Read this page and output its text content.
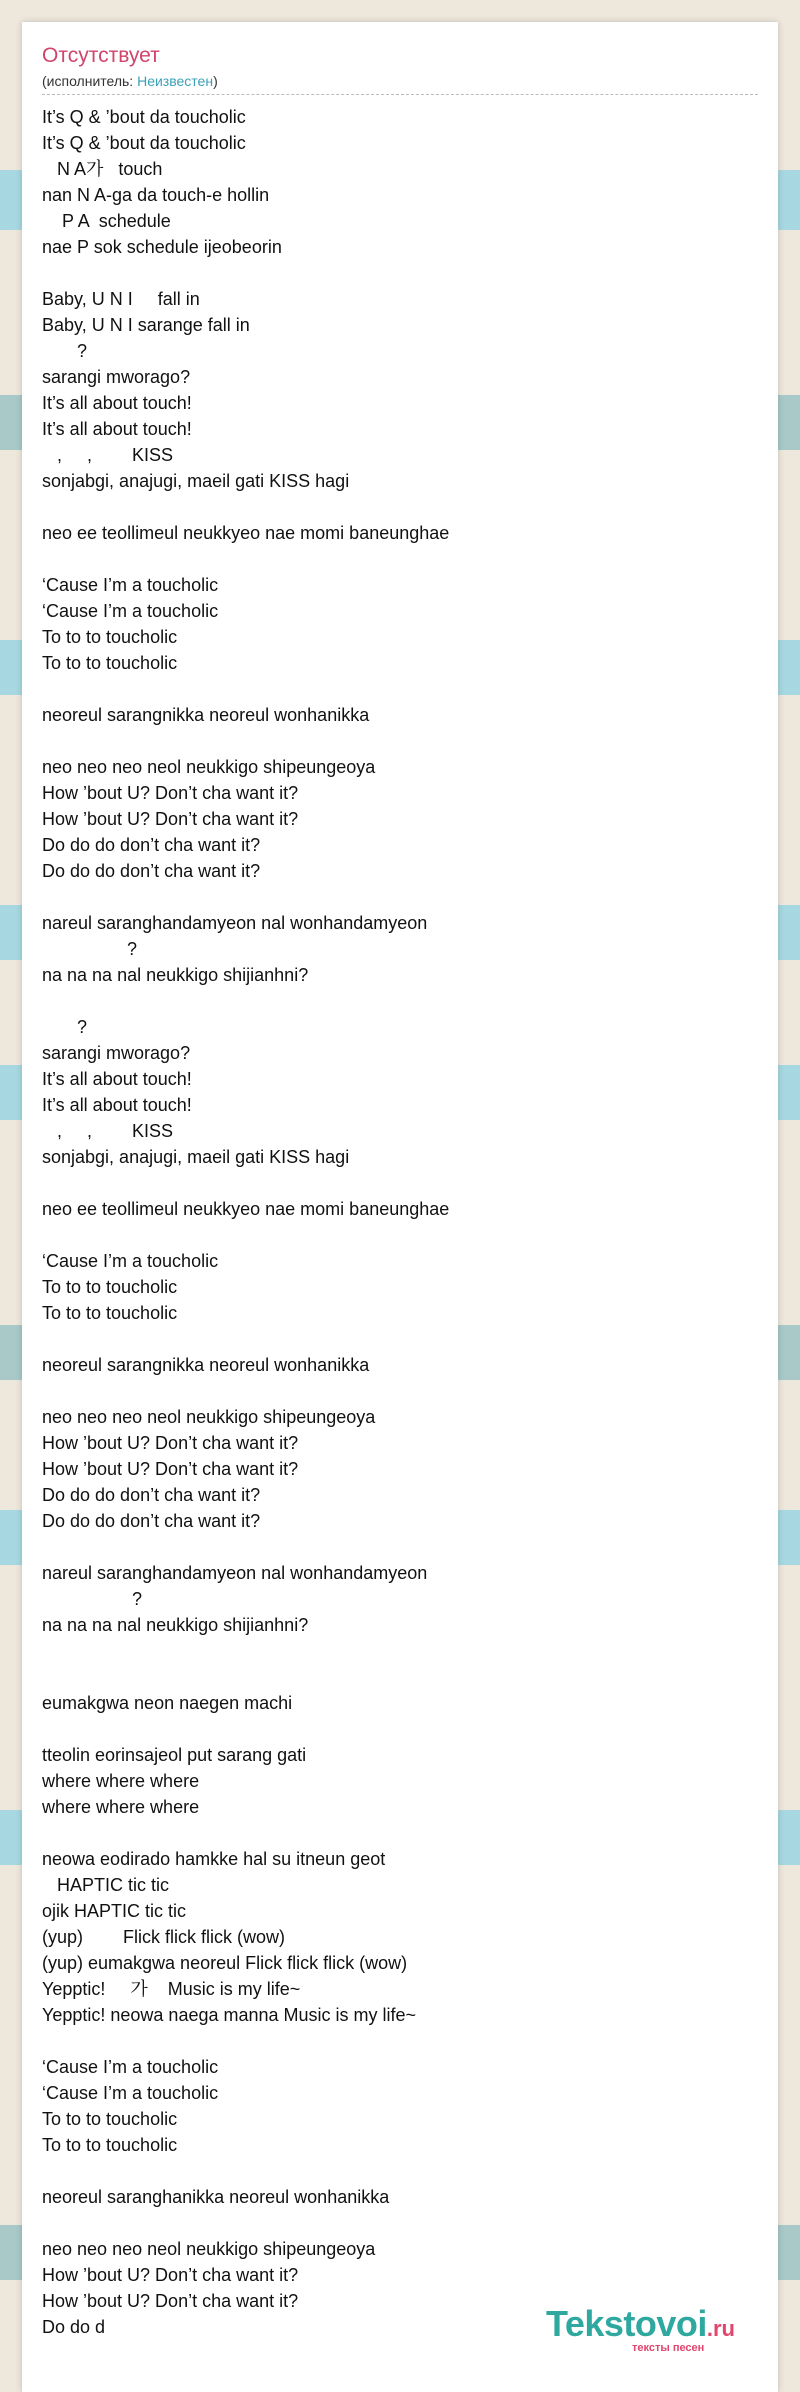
Отсутствует
(исполнитель: Неизвестен)
It’s Q & ’bout da toucholic
It’s Q & ’bout da toucholic
N A가   touch
nan N A-ga da touch-e hollin
P A  schedule
nae P sok schedule ijeobeorin
Baby, U N I     fall in
Baby, U N I sarange fall in
?
sarangi mworago?
It’s all about touch!
It’s all about touch!
,     ,        KISS
sonjabgi, anajugi, maeil gati KISS hagi
neo ee teollimeul neukkyeo nae momi baneunghae
‘Cause I’m a toucholic
‘Cause I’m a toucholic
To to to toucholic
To to to toucholic
neoreul sarangnikka neoreul wonhanikka
neo neo neo neol neukkigo shipeungeoya
How ’bout U? Don’t cha want it?
How ’bout U? Don’t cha want it?
Do do do don’t cha want it?
Do do do don’t cha want it?
nareul saranghandamyeon nal wonhandamyeon
?
na na na nal neukkigo shijianhni?
?
sarangi mworago?
It’s all about touch!
It’s all about touch!
,     ,        KISS
sonjabgi, anajugi, maeil gati KISS hagi
neo ee teollimeul neukkyeo nae momi baneunghae
‘Cause I’m a toucholic
To to to toucholic
To to to toucholic
neoreul sarangnikka neoreul wonhanikka
neo neo neo neol neukkigo shipeungeoya
How ’bout U? Don’t cha want it?
How ’bout U? Don’t cha want it?
Do do do don’t cha want it?
Do do do don’t cha want it?
nareul saranghandamyeon nal wonhandamyeon
?
na na na nal neukkigo shijianhni?
eumakgwa neon naegen machi
tteolin eorinsajeol put sarang gati
where where where
where where where
neowa eodirado hamkke hal su itneun geot
HAPTIC tic tic
ojik HAPTIC tic tic
(yup)        Flick flick flick (wow)
(yup) eumakgwa neoreul Flick flick flick (wow)
Yepptic!     가    Music is my life~
Yepptic! neowa naega manna Music is my life~
‘Cause I’m a toucholic
‘Cause I’m a toucholic
To to to toucholic
To to to toucholic
neoreul saranghanikka neoreul wonhanikka
neo neo neo neol neukkigo shipeungeoya
How ’bout U? Don’t cha want it?
How ’bout U? Don’t cha want it?
Do do d	Tekstovoi.ru
тексты песен
